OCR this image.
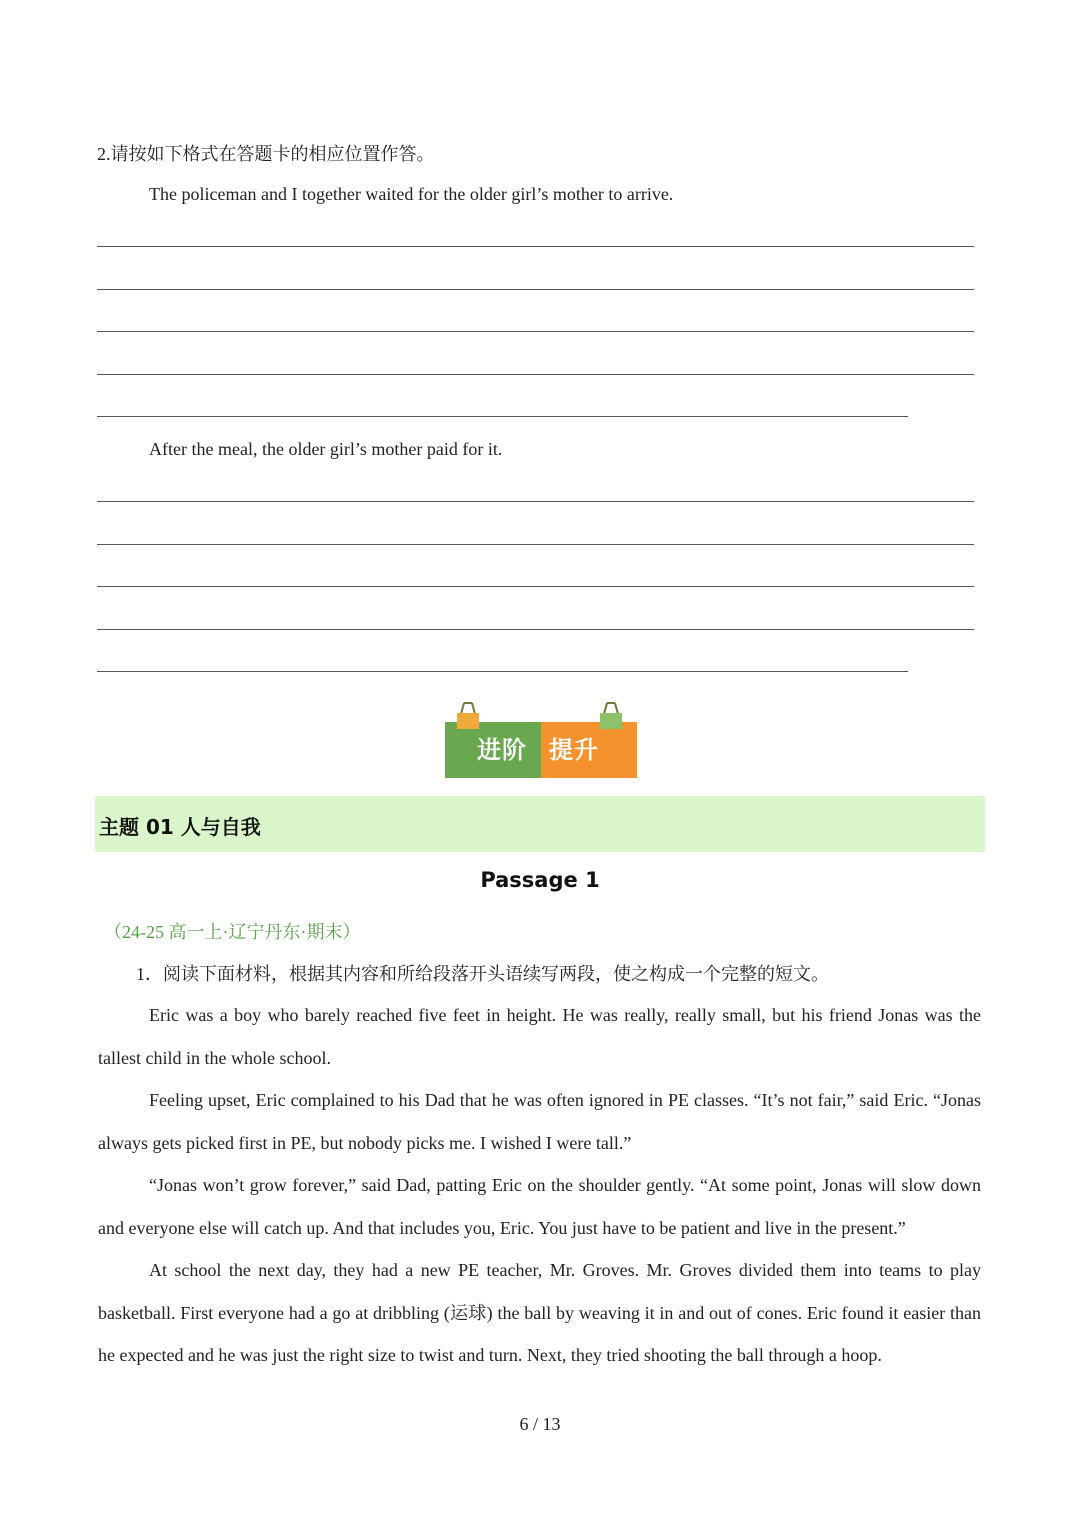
2.请按如下格式在答题卡的相应位置作答。
The policeman and I together waited for the older girl’s mother to arrive.
After the meal, the older girl’s mother paid for it.
进阶 提升
主题 01 人与自我
Passage 1
（24-25 高一上·辽宁丹东·期末）
1．阅读下面材料，根据其内容和所给段落开头语续写两段，使之构成一个完整的短文。
Eric was a boy who barely reached five feet in height. He was really, really small, but his friend Jonas was the tallest child in the whole school.
Feeling upset, Eric complained to his Dad that he was often ignored in PE classes. “It’s not fair,” said Eric. “Jonas always gets picked first in PE, but nobody picks me. I wished I were tall.”
“Jonas won’t grow forever,” said Dad, patting Eric on the shoulder gently. “At some point, Jonas will slow down and everyone else will catch up. And that includes you, Eric. You just have to be patient and live in the present.”
At school the next day, they had a new PE teacher, Mr. Groves. Mr. Groves divided them into teams to play basketball. First everyone had a go at dribbling (运球) the ball by weaving it in and out of cones. Eric found it easier than he expected and he was just the right size to twist and turn. Next, they tried shooting the ball through a hoop.
6 / 13
